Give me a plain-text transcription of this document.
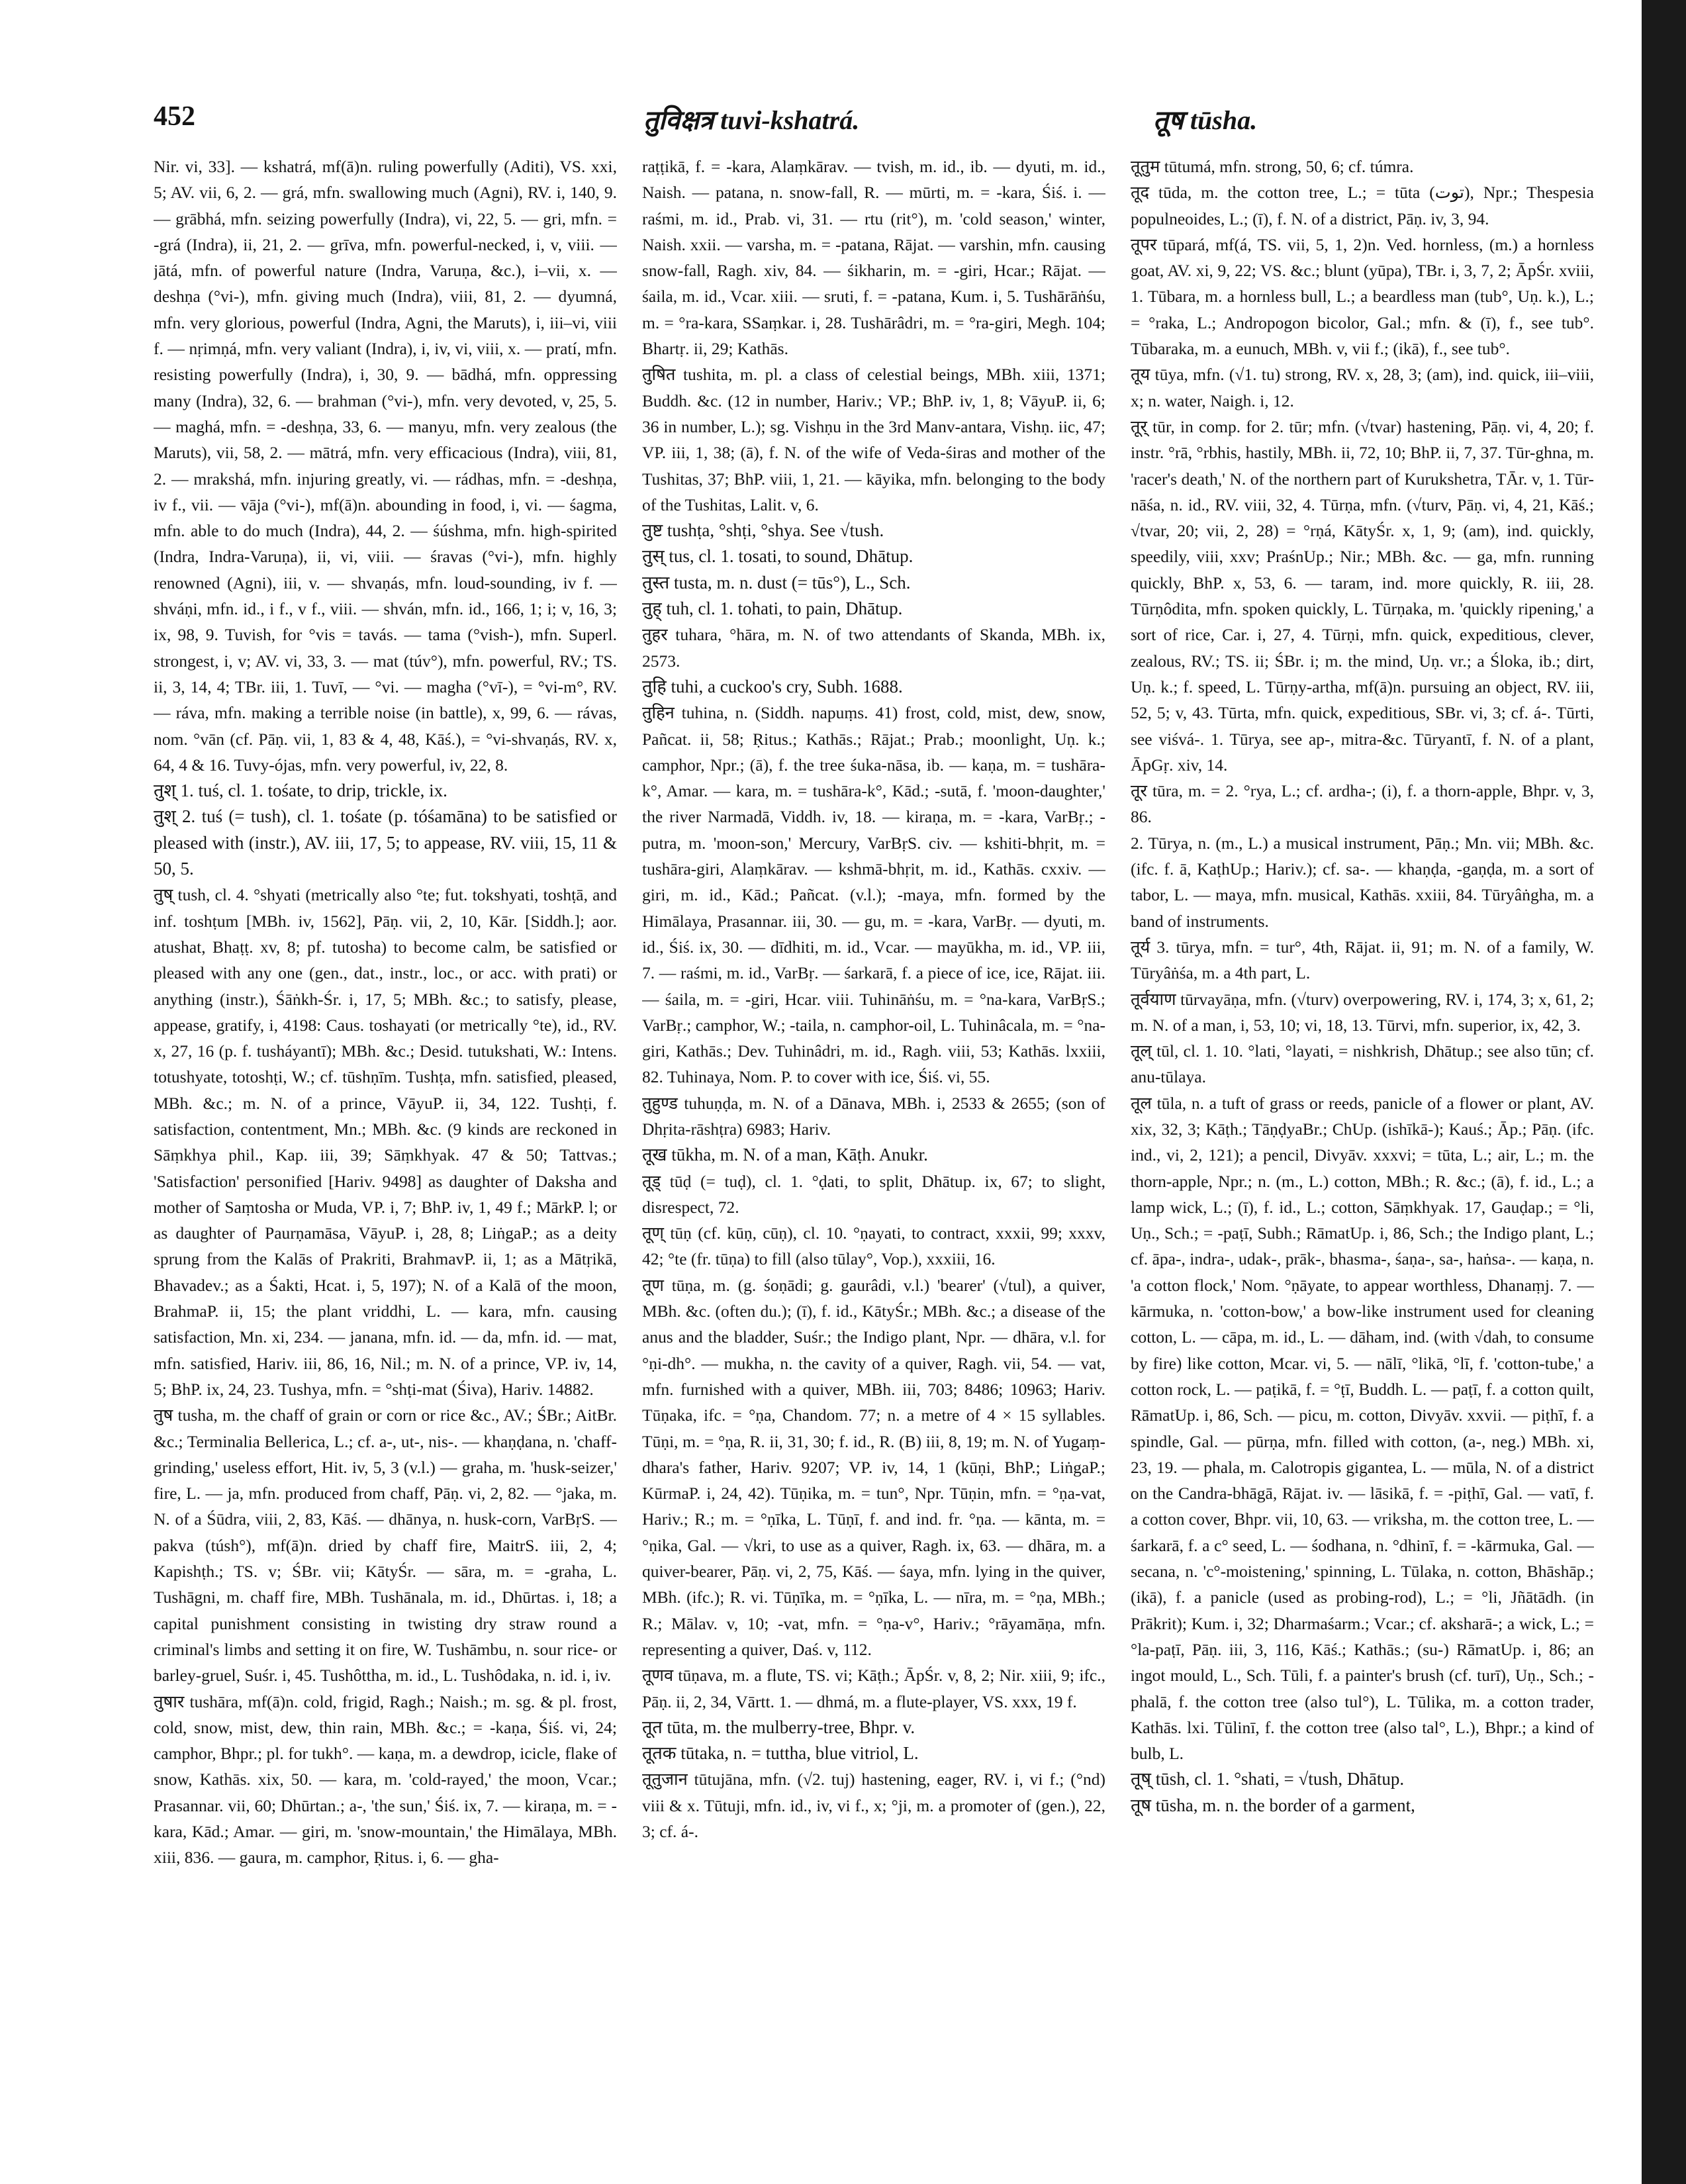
452	तुविक्षत्र tuvi-kshatrá.	तूष tūsha.

Nir. vi, 33]. — kshatrá, mf(ā)n. ruling powerfully (Aditi), VS. xxi, 5; AV. vii, 6, 2. — grá, mfn. swallowing much (Agni), RV. i, 140, 9. — grābhá, mfn. seizing powerfully (Indra), vi, 22, 5. — gri, mfn. = -grá (Indra), ii, 21, 2. — grīva, mfn. powerful-necked, i, v, viii. — jātá, mfn. of powerful nature (Indra, Varuṇa, &c.), i–vii, x. — deshṇa (°vi-), mfn. giving much (Indra), viii, 81, 2. — dyumná, mfn. very glorious, powerful (Indra, Agni, the Maruts), i, iii–vi, viii f. — nṛimṇá, mfn. very valiant (Indra), i, iv, vi, viii, x. — pratí, mfn. resisting powerfully (Indra), i, 30, 9. — bādhá, mfn. oppressing many (Indra), 32, 6. — brahman (°vi-), mfn. very devoted, v, 25, 5. — maghá, mfn. = -deshṇa, 33, 6. — manyu, mfn. very zealous (the Maruts), vii, 58, 2. — mātrá, mfn. very efficacious (Indra), viii, 81, 2. — mrakshá, mfn. injuring greatly, vi. — rádhas, mfn. = -deshṇa, iv f., vii. — vāja (°vi-), mf(ā)n. abounding in food, i, vi. — śagma, mfn. able to do much (Indra), 44, 2. — śúshma, mfn. high-spirited (Indra, Indra-Varuṇa), ii, vi, viii. — śravas (°vi-), mfn. highly renowned (Agni), iii, v. — shvaṇás, mfn. loud-sounding, iv f. — shváṇi, mfn. id., i f., v f., viii. — shván, mfn. id., 166, 1; i; v, 16, 3; ix, 98, 9. Tuvish, for °vis = tavás. — tama (°vish-), mfn. Superl. strongest, i, v; AV. vi, 33, 3. — mat (túv°), mfn. powerful, RV.; TS. ii, 3, 14, 4; TBr. iii, 1. Tuvī, — °vi. — magha (°vī-), = °vi-m°, RV. — ráva, mfn. making a terrible noise (in battle), x, 99, 6. — rávas, nom. °vān (cf. Pāṇ. vii, 1, 83 & 4, 48, Kāś.), = °vi-shvaṇás, RV. x, 64, 4 & 16. Tuvy-ójas, mfn. very powerful, iv, 22, 8.

तुश् 1. tuś, cl. 1. tośate, to drip, trickle, ix.

तुश् 2. tuś (= tush), cl. 1. tośate (p. tóśamāna) to be satisfied or pleased with (instr.), AV. iii, 17, 5; to appease, RV. viii, 15, 11 & 50, 5.

तुष् tush, cl. 4. °shyati (metrically also °te; fut. tokshyati, toshṭā, and inf. toshṭum [MBh. iv, 1562], Pāṇ. vii, 2, 10, Kār. [Siddh.]; aor. atushat, Bhaṭṭ. xv, 8; pf. tutosha) to become calm, be satisfied or pleased with any one (gen., dat., instr., loc., or acc. with prati) or anything (instr.), Śāṅkh-Śr. i, 17, 5; MBh. &c.; to satisfy, please, appease, gratify, i, 4198: Caus. toshayati (or metrically °te), id., RV. x, 27, 16 (p. f. tusháyantī); MBh. &c.; Desid. tutukshati, W.: Intens. totushyate, totoshṭi, W.; cf. tūshṇīm. Tushṭa, mfn. satisfied, pleased, MBh. &c.; m. N. of a prince, VāyuP. ii, 34, 122. Tushṭi, f. satisfaction, contentment, Mn.; MBh. &c. (9 kinds are reckoned in Sāṃkhya phil., Kap. iii, 39; Sāṃkhyak. 47 & 50; Tattvas.; 'Satisfaction' personified [Hariv. 9498] as daughter of Daksha and mother of Saṃtosha or Muda, VP. i, 7; BhP. iv, 1, 49 f.; MārkP. l; or as daughter of Paurṇamāsa, VāyuP. i, 28, 8; LiṅgaP.; as a deity sprung from the Kalās of Prakriti, BrahmavP. ii, 1; as a Mātṛikā, Bhavadev.; as a Śakti, Hcat. i, 5, 197); N. of a Kalā of the moon, BrahmaP. ii, 15; the plant vriddhi, L. — kara, mfn. causing satisfaction, Mn. xi, 234. — janana, mfn. id. — da, mfn. id. — mat, mfn. satisfied, Hariv. iii, 86, 16, Nil.; m. N. of a prince, VP. iv, 14, 5; BhP. ix, 24, 23. Tushya, mfn. = °shṭi-mat (Śiva), Hariv. 14882.

तुष tusha, m. the chaff of grain or corn or rice &c., AV.; ŚBr.; AitBr. &c.; Terminalia Bellerica, L.; cf. a-, ut-, nis-. — khaṇḍana, n. 'chaff-grinding,' useless effort, Hit. iv, 5, 3 (v.l.) — graha, m. 'husk-seizer,' fire, L. — ja, mfn. produced from chaff, Pāṇ. vi, 2, 82. — °jaka, m. N. of a Śūdra, viii, 2, 83, Kāś. — dhānya, n. husk-corn, VarBṛS. — pakva (túsh°), mf(ā)n. dried by chaff fire, MaitrS. iii, 2, 4; Kapishṭh.; TS. v; ŚBr. vii; KātyŚr. — sāra, m. = -graha, L. Tushāgni, m. chaff fire, MBh. Tushānala, m. id., Dhūrtas. i, 18; a capital punishment consisting in twisting dry straw round a criminal's limbs and setting it on fire, W. Tushāmbu, n. sour rice- or barley-gruel, Suśr. i, 45. Tushôttha, m. id., L. Tushôdaka, n. id. i, iv.

तुषार tushāra, mf(ā)n. cold, frigid, Ragh.; Naish.; m. sg. & pl. frost, cold, snow, mist, dew, thin rain, MBh. &c.; = -kaṇa, Śiś. vi, 24; camphor, Bhpr.; pl. for tukh°. — kaṇa, m. a dewdrop, icicle, flake of snow, Kathās. xix, 50. — kara, m. 'cold-rayed,' the moon, Vcar.; Prasannar. vii, 60; Dhūrtan.; a-, 'the sun,' Śiś. ix, 7. — kiraṇa, m. = -kara, Kād.; Amar. — giri, m. 'snow-mountain,' the Himālaya, MBh. xiii, 836. — gaura, m. camphor, Ṛitus. i, 6. — gha-

raṭṭikā, f. = -kara, Alaṃkārav. — tvish, m. id., ib. — dyuti, m. id., Naish. — patana, n. snow-fall, R. — mūrti, m. = -kara, Śiś. i. — raśmi, m. id., Prab. vi, 31. — rtu (rit°), m. 'cold season,' winter, Naish. xxii. — varsha, m. = -patana, Rājat. — varshin, mfn. causing snow-fall, Ragh. xiv, 84. — śikharin, m. = -giri, Hcar.; Rājat. — śaila, m. id., Vcar. xiii. — sruti, f. = -patana, Kum. i, 5. Tushārāṅśu, m. = °ra-kara, SSaṃkar. i, 28. Tushārâdri, m. = °ra-giri, Megh. 104; Bhartṛ. ii, 29; Kathās.

तुषित tushita, m. pl. a class of celestial beings, MBh. xiii, 1371; Buddh. &c. (12 in number, Hariv.; VP.; BhP. iv, 1, 8; VāyuP. ii, 6; 36 in number, L.); sg. Vishṇu in the 3rd Manv-antara, Vishṇ. iic, 47; VP. iii, 1, 38; (ā), f. N. of the wife of Veda-śiras and mother of the Tushitas, 37; BhP. viii, 1, 21. — kāyika, mfn. belonging to the body of the Tushitas, Lalit. v, 6.

तुष्ट tushṭa, °shṭi, °shya. See √tush.

तुस् tus, cl. 1. tosati, to sound, Dhātup.

तुस्त tusta, m. n. dust (= tūs°), L., Sch.

तुह् tuh, cl. 1. tohati, to pain, Dhātup.

तुहर tuhara, °hāra, m. N. of two attendants of Skanda, MBh. ix, 2573.

तुहि tuhi, a cuckoo's cry, Subh. 1688.

तुहिन tuhina, n. (Siddh. napuṃs. 41) frost, cold, mist, dew, snow, Pañcat. ii, 58; Ṛitus.; Kathās.; Rājat.; Prab.; moonlight, Uṇ. k.; camphor, Npr.; (ā), f. the tree śuka-nāsa, ib. — kaṇa, m. = tushāra-k°, Amar. — kara, m. = tushāra-k°, Kād.; -sutā, f. 'moon-daughter,' the river Narmadā, Viddh. iv, 18. — kiraṇa, m. = -kara, VarBṛ.; -putra, m. 'moon-son,' Mercury, VarBṛS. civ. — kshiti-bhṛit, m. = tushāra-giri, Alaṃkārav. — kshmā-bhṛit, m. id., Kathās. cxxiv. — giri, m. id., Kād.; Pañcat. (v.l.); -maya, mfn. formed by the Himālaya, Prasannar. iii, 30. — gu, m. = -kara, VarBṛ. — dyuti, m. id., Śiś. ix, 30. — dīdhiti, m. id., Vcar. — mayūkha, m. id., VP. iii, 7. — raśmi, m. id., VarBṛ. — śarkarā, f. a piece of ice, ice, Rājat. iii. — śaila, m. = -giri, Hcar. viii. Tuhināṅśu, m. = °na-kara, VarBṛS.; VarBṛ.; camphor, W.; -taila, n. camphor-oil, L. Tuhinâcala, m. = °na-giri, Kathās.; Dev. Tuhinâdri, m. id., Ragh. viii, 53; Kathās. lxxiii, 82. Tuhinaya, Nom. P. to cover with ice, Śiś. vi, 55.

तुहुण्ड tuhuṇḍa, m. N. of a Dānava, MBh. i, 2533 & 2655; (son of Dhṛita-rāshṭra) 6983; Hariv.

तूख tūkha, m. N. of a man, Kāṭh. Anukr.

तूड् tūḍ (= tuḍ), cl. 1. °ḍati, to split, Dhātup. ix, 67; to slight, disrespect, 72.

तूण् tūṇ (cf. kūṇ, cūṇ), cl. 10. °ṇayati, to contract, xxxii, 99; xxxv, 42; °te (fr. tūṇa) to fill (also tūlay°, Vop.), xxxiii, 16.

तूण tūṇa, m. (g. śoṇādi; g. gaurâdi, v.l.) 'bearer' (√tul), a quiver, MBh. &c. (often du.); (ī), f. id., KātyŚr.; MBh. &c.; a disease of the anus and the bladder, Suśr.; the Indigo plant, Npr. — dhāra, v.l. for °ṇi-dh°. — mukha, n. the cavity of a quiver, Ragh. vii, 54. — vat, mfn. furnished with a quiver, MBh. iii, 703; 8486; 10963; Hariv. Tūṇaka, ifc. = °ṇa, Chandom. 77; n. a metre of 4 × 15 syllables. Tūṇi, m. = °ṇa, R. ii, 31, 30; f. id., R. (B) iii, 8, 19; m. N. of Yugaṃ-dhara's father, Hariv. 9207; VP. iv, 14, 1 (kūṇi, BhP.; LiṅgaP.; KūrmaP. i, 24, 42). Tūṇika, m. = tun°, Npr. Tūṇin, mfn. = °ṇa-vat, Hariv.; R.; m. = °ṇīka, L. Tūṇī, f. and ind. fr. °ṇa. — kānta, m. = °ṇika, Gal. — √kri, to use as a quiver, Ragh. ix, 63. — dhāra, m. a quiver-bearer, Pāṇ. vi, 2, 75, Kāś. — śaya, mfn. lying in the quiver, MBh. (ifc.); R. vi. Tūṇīka, m. = °ṇīka, L. — nīra, m. = °ṇa, MBh.; R.; Mālav. v, 10; -vat, mfn. = °ṇa-v°, Hariv.; °rāyamāṇa, mfn. representing a quiver, Daś. v, 112.

तूणव tūṇava, m. a flute, TS. vi; Kāṭh.; ĀpŚr. v, 8, 2; Nir. xiii, 9; ifc., Pāṇ. ii, 2, 34, Vārtt. 1. — dhmá, m. a flute-player, VS. xxx, 19 f.

तूत tūta, m. the mulberry-tree, Bhpr. v.

तूतक tūtaka, n. = tuttha, blue vitriol, L.

तूतुजान tūtujāna, mfn. (√2. tuj) hastening, eager, RV. i, vi f.; (°nd) viii & x. Tūtuji, mfn. id., iv, vi f., x; °ji, m. a promoter of (gen.), 22, 3; cf. á-.

तूतुम tūtumá, mfn. strong, 50, 6; cf. túmra.

तूद tūda, m. the cotton tree, L.; = tūta (توت), Npr.; Thespesia populneoides, L.; (ī), f. N. of a district, Pāṇ. iv, 3, 94.

तूपर tūpará, mf(á, TS. vii, 5, 1, 2)n. Ved. hornless, (m.) a hornless goat, AV. xi, 9, 22; VS. &c.; blunt (yūpa), TBr. i, 3, 7, 2; ĀpŚr. xviii, 1. Tūbara, m. a hornless bull, L.; a beardless man (tub°, Uṇ. k.), L.; = °raka, L.; Andropogon bicolor, Gal.; mfn. & (ī), f., see tub°. Tūbaraka, m. a eunuch, MBh. v, vii f.; (ikā), f., see tub°.

तूय tūya, mfn. (√1. tu) strong, RV. x, 28, 3; (am), ind. quick, iii–viii, x; n. water, Naigh. i, 12.

तूर् tūr, in comp. for 2. tūr; mfn. (√tvar) hastening, Pāṇ. vi, 4, 20; f. instr. °rā, °rbhis, hastily, MBh. ii, 72, 10; BhP. ii, 7, 37. Tūr-ghna, m. 'racer's death,' N. of the northern part of Kurukshetra, TĀr. v, 1. Tūr-nāśa, n. id., RV. viii, 32, 4. Tūrṇa, mfn. (√turv, Pāṇ. vi, 4, 21, Kāś.; √tvar, 20; vii, 2, 28) = °rṇá, KātyŚr. x, 1, 9; (am), ind. quickly, speedily, viii, xxv; PraśnUp.; Nir.; MBh. &c. — ga, mfn. running quickly, BhP. x, 53, 6. — taram, ind. more quickly, R. iii, 28. Tūrṇôdita, mfn. spoken quickly, L. Tūrṇaka, m. 'quickly ripening,' a sort of rice, Car. i, 27, 4. Tūrṇi, mfn. quick, expeditious, clever, zealous, RV.; TS. ii; ŚBr. i; m. the mind, Uṇ. vr.; a Śloka, ib.; dirt, Uṇ. k.; f. speed, L. Tūrṇy-artha, mf(ā)n. pursuing an object, RV. iii, 52, 5; v, 43. Tūrta, mfn. quick, expeditious, SBr. vi, 3; cf. á-. Tūrti, see viśvá-. 1. Tūrya, see ap-, mitra-&c. Tūryantī, f. N. of a plant, ĀpGṛ. xiv, 14.

तूर tūra, m. = 2. °rya, L.; cf. ardha-; (i), f. a thorn-apple, Bhpr. v, 3, 86.

2. Tūrya, n. (m., L.) a musical instrument, Pāṇ.; Mn. vii; MBh. &c. (ifc. f. ā, KaṭhUp.; Hariv.); cf. sa-. — khaṇḍa, -gaṇḍa, m. a sort of tabor, L. — maya, mfn. musical, Kathās. xxiii, 84. Tūryâṅgha, m. a band of instruments.

तूर्य 3. tūrya, mfn. = tur°, 4th, Rājat. ii, 91; m. N. of a family, W. Tūryâṅśa, m. a 4th part, L.

तूर्वयाण tūrvayāṇa, mfn. (√turv) overpowering, RV. i, 174, 3; x, 61, 2; m. N. of a man, i, 53, 10; vi, 18, 13. Tūrvi, mfn. superior, ix, 42, 3.

तूल् tūl, cl. 1. 10. °lati, °layati, = nishkrish, Dhātup.; see also tūn; cf. anu-tūlaya.

तूल tūla, n. a tuft of grass or reeds, panicle of a flower or plant, AV. xix, 32, 3; Kāṭh.; TāṇḍyaBr.; ChUp. (ishīkā-); Kauś.; Āp.; Pāṇ. (ifc. ind., vi, 2, 121); a pencil, Divyāv. xxxvi; = tūta, L.; air, L.; m. the thorn-apple, Npr.; n. (m., L.) cotton, MBh.; R. &c.; (ā), f. id., L.; a lamp wick, L.; (ī), f. id., L.; cotton, Sāṃkhyak. 17, Gauḍap.; = °li, Uṇ., Sch.; = -paṭī, Subh.; RāmatUp. i, 86, Sch.; the Indigo plant, L.; cf. āpa-, indra-, udak-, prāk-, bhasma-, śaṇa-, sa-, haṅsa-. — kaṇa, n. 'a cotton flock,' Nom. °ṇāyate, to appear worthless, Dhanaṃj. 7. — kārmuka, n. 'cotton-bow,' a bow-like instrument used for cleaning cotton, L. — cāpa, m. id., L. — dāham, ind. (with √dah, to consume by fire) like cotton, Mcar. vi, 5. — nālī, °likā, °lī, f. 'cotton-tube,' a cotton rock, L. — paṭikā, f. = °ṭī, Buddh. L. — paṭī, f. a cotton quilt, RāmatUp. i, 86, Sch. — picu, m. cotton, Divyāv. xxvii. — piṭhī, f. a spindle, Gal. — pūrṇa, mfn. filled with cotton, (a-, neg.) MBh. xi, 23, 19. — phala, m. Calotropis gigantea, L. — mūla, N. of a district on the Candra-bhāgā, Rājat. iv. — lāsikā, f. = -piṭhī, Gal. — vatī, f. a cotton cover, Bhpr. vii, 10, 63. — vriksha, m. the cotton tree, L. — śarkarā, f. a c° seed, L. — śodhana, n. °dhinī, f. = -kārmuka, Gal. — secana, n. 'c°-moistening,' spinning, L. Tūlaka, n. cotton, Bhāshāp.; (ikā), f. a panicle (used as probing-rod), L.; = °li, Jñātādh. (in Prākrit); Kum. i, 32; Dharmaśarm.; Vcar.; cf. aksharā-; a wick, L.; = °la-paṭī, Pāṇ. iii, 3, 116, Kāś.; Kathās.; (su-) RāmatUp. i, 86; an ingot mould, L., Sch. Tūli, f. a painter's brush (cf. turī), Uṇ., Sch.; -phalā, f. the cotton tree (also tul°), L. Tūlika, m. a cotton trader, Kathās. lxi. Tūlinī, f. the cotton tree (also tal°, L.), Bhpr.; a kind of bulb, L.

तूष् tūsh, cl. 1. °shati, = √tush, Dhātup.

तूष tūsha, m. n. the border of a garment,
